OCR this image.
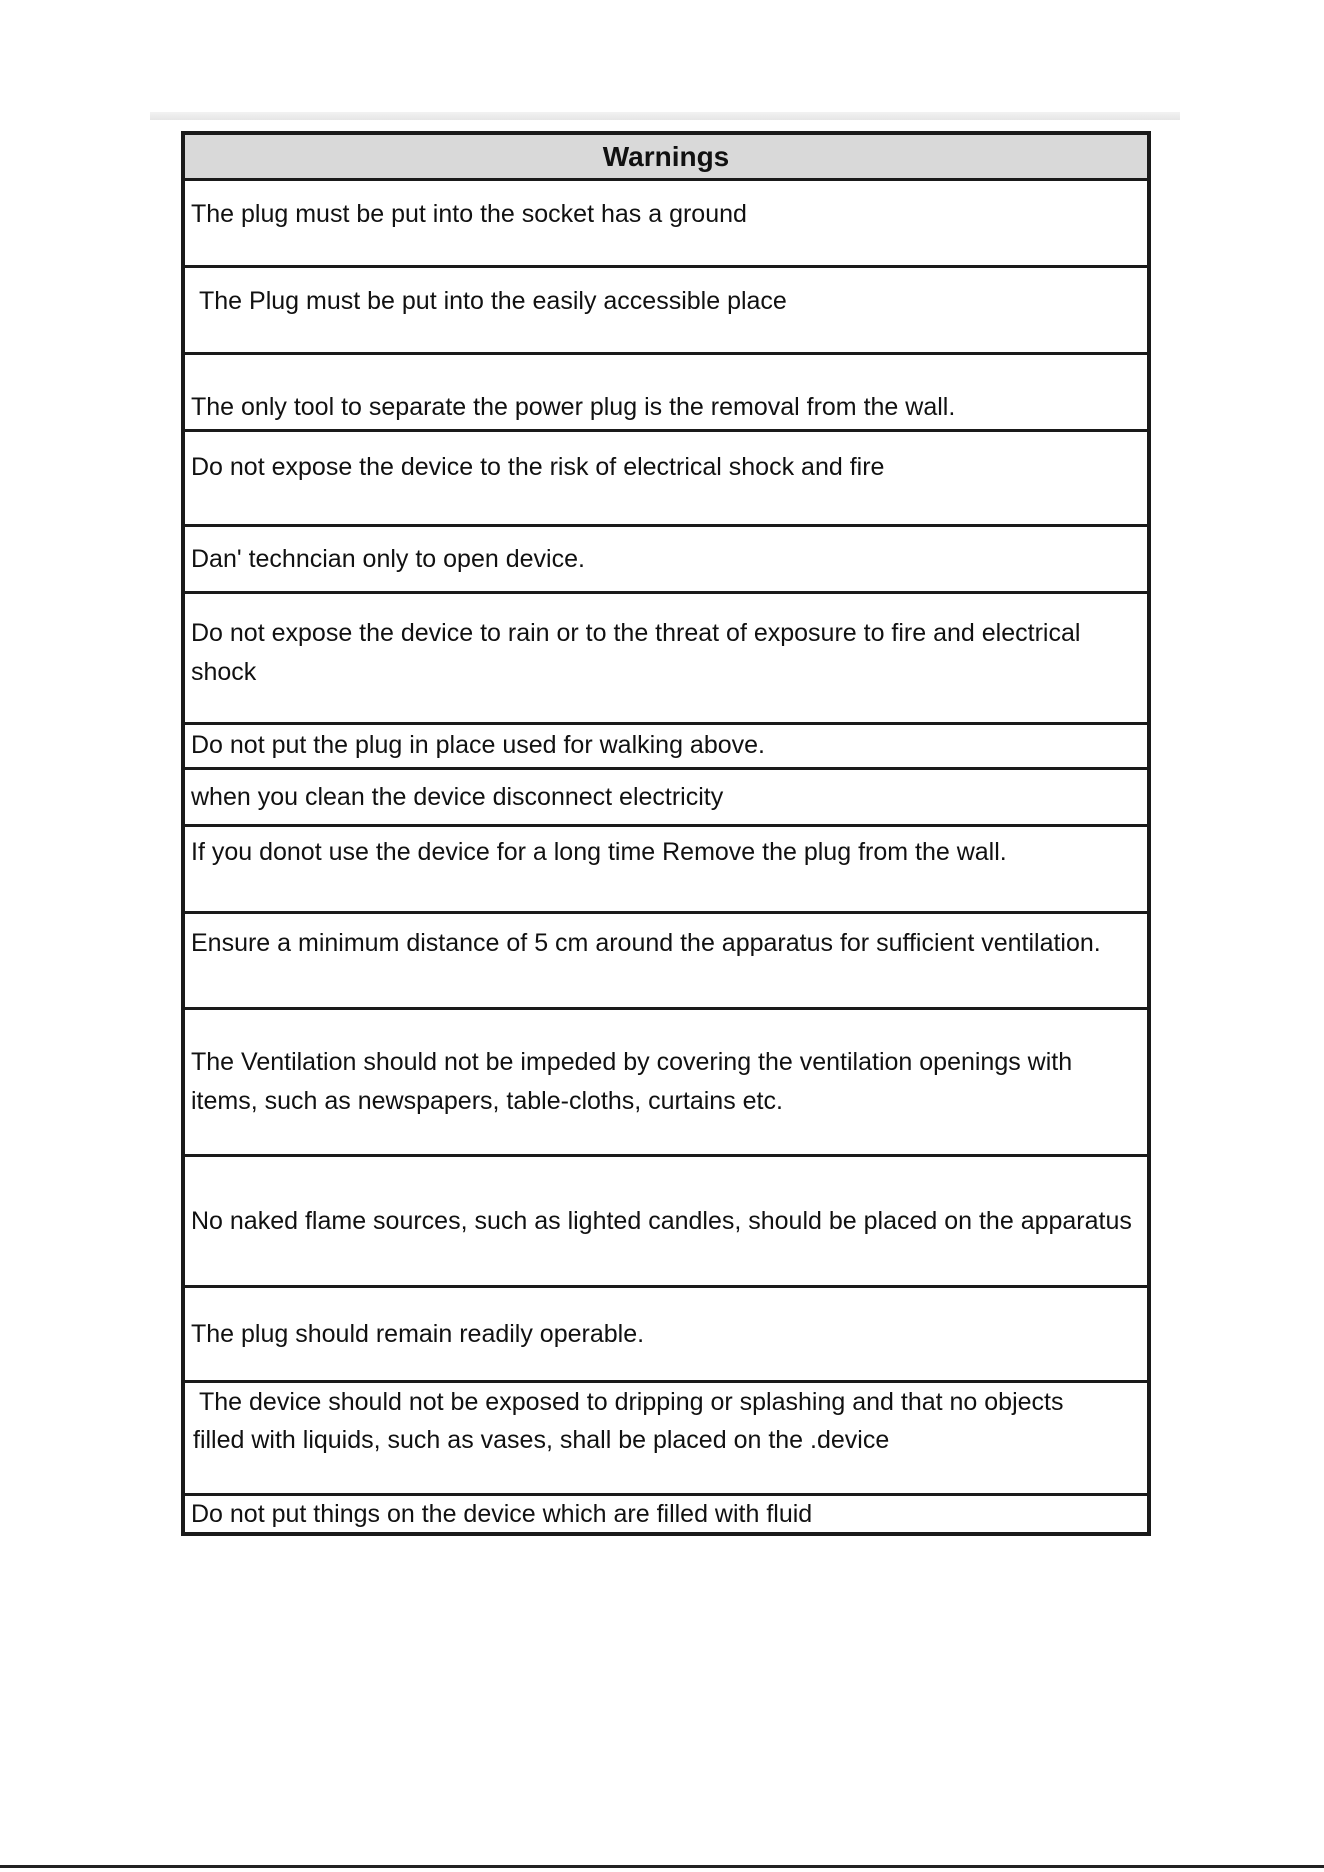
Warnings
The plug must be put into the socket has a ground
The Plug must be put into the easily accessible place
The only tool to separate the power plug is the removal from the wall.
Do not expose the device to the risk of electrical shock and fire
Dan' techncian only to open device.
Do not expose the device to rain or to the threat of exposure to fire and electrical shock
Do not put the plug in place used for walking above.
when you clean the device disconnect electricity
If you donot use the device for a long time Remove the plug from the wall.
Ensure a minimum distance of 5 cm around the apparatus for sufficient ventilation.
The Ventilation should not be impeded by covering the ventilation openings with items, such as newspapers, table-cloths, curtains etc.
No naked flame sources, such as lighted candles, should be placed on the apparatus
The plug should remain readily operable.
The device should not be exposed to dripping or splashing and that no objects filled with liquids, such as vases, shall be placed on the .device
Do not put things on the device which are filled with fluid
